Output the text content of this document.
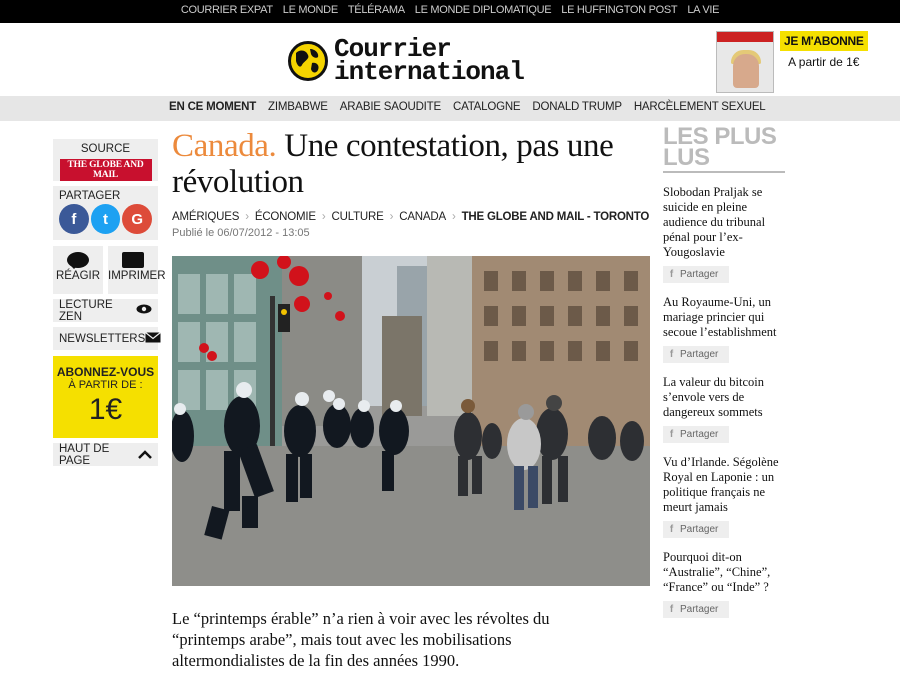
COURRIER EXPAT LE MONDE TÉLÉRAMA LE MONDE DIPLOMATIQUE LE HUFFINGTON POST LA VIE
Courrier
international
JE M'ABONNE
A partir de 1€
EN CE MOMENT ZIMBABWE ARABIE SAOUDITE CATALOGNE DONALD TRUMP HARCÈLEMENT SEXUEL
SOURCE
THE GLOBE AND MAIL
PARTAGER
f	t	G
RÉAGIR IMPRIMER
LECTURE ZEN
NEWSLETTERS
ABONNEZ-VOUS
À PARTIR DE :
1€
HAUT DE PAGE
Canada. Une contestation, pas une révolution
AMÉRIQUES › ÉCONOMIE › CULTURE › CANADA › THE GLOBE AND MAIL - TORONTO
Publié le 06/07/2012 - 13:05
Le “printemps érable” n’a rien à voir avec les révoltes du “printemps arabe”, mais tout avec les mobilisations altermondialistes de la fin des années 1990.
LES PLUS
LUS
Slobodan Praljak se suicide en pleine audience du tribunal pénal pour l’ex-Yougoslavie
f Partager
Au Royaume-Uni, un mariage princier qui secoue l’establishment
f Partager
La valeur du bitcoin s’envole vers de dangereux sommets
f Partager
Vu d’Irlande. Ségolène Royal en Laponie : un politique français ne meurt jamais
f Partager
Pourquoi dit-on “Australie”, “Chine”, “France” ou “Inde” ?
f Partager
